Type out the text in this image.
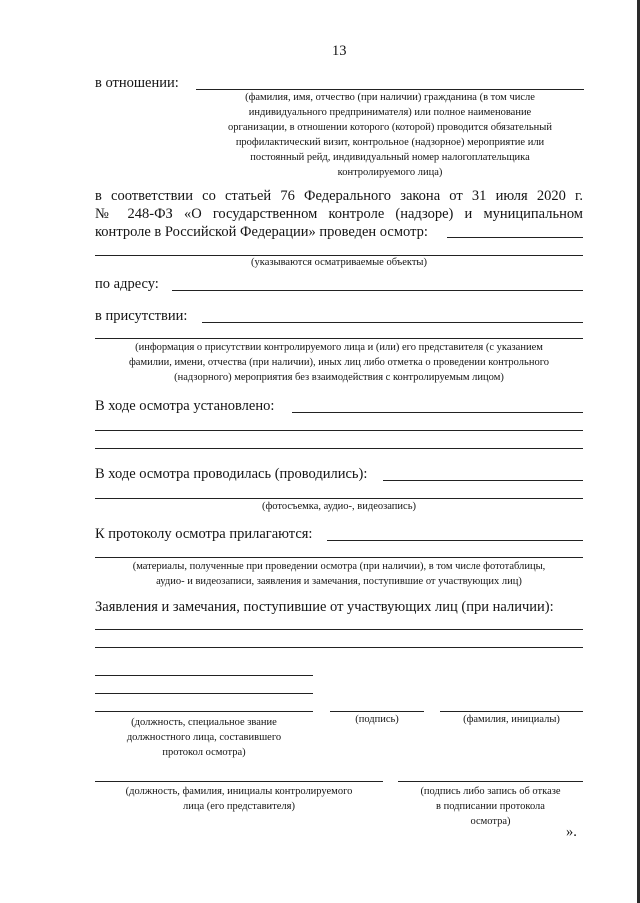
13
в отношении:
(фамилия, имя, отчество (при наличии) гражданина (в том числе
индивидуального предпринимателя) или полное наименование
организации, в отношении которого (которой) проводится обязательный
профилактический визит, контрольное (надзорное) мероприятие или
постоянный рейд, индивидуальный номер налогоплательщика
контролируемого лица)
в соответствии со статьей 76 Федерального закона от 31 июля 2020 г.
№ 248-ФЗ «О государственном контроле (надзоре) и муниципальном
контроле в Российской Федерации» проведен осмотр:
(указываются осматриваемые объекты)
по адресу:
в присутствии:
(информация о присутствии контролируемого лица и (или) его представителя (с указанием
фамилии, имени, отчества (при наличии), иных лиц либо отметка о проведении контрольного
(надзорного) мероприятия без взаимодействия с контролируемым лицом)
В ходе осмотра установлено:
В ходе осмотра проводилась (проводились):
(фотосъемка, аудио-, видеозапись)
К протоколу осмотра прилагаются:
(материалы, полученные при проведении осмотра (при наличии), в том числе фототаблицы,
аудио- и видеозаписи, заявления и замечания, поступившие от участвующих лиц)
Заявления и замечания, поступившие от участвующих лиц (при наличии):
(должность, специальное звание
должностного лица, составившего
протокол осмотра)
(подпись)	(фамилия, инициалы)
(должность, фамилия, инициалы контролируемого
лица (его представителя)
(подпись либо запись об отказе
в подписании протокола
осмотра)
».
